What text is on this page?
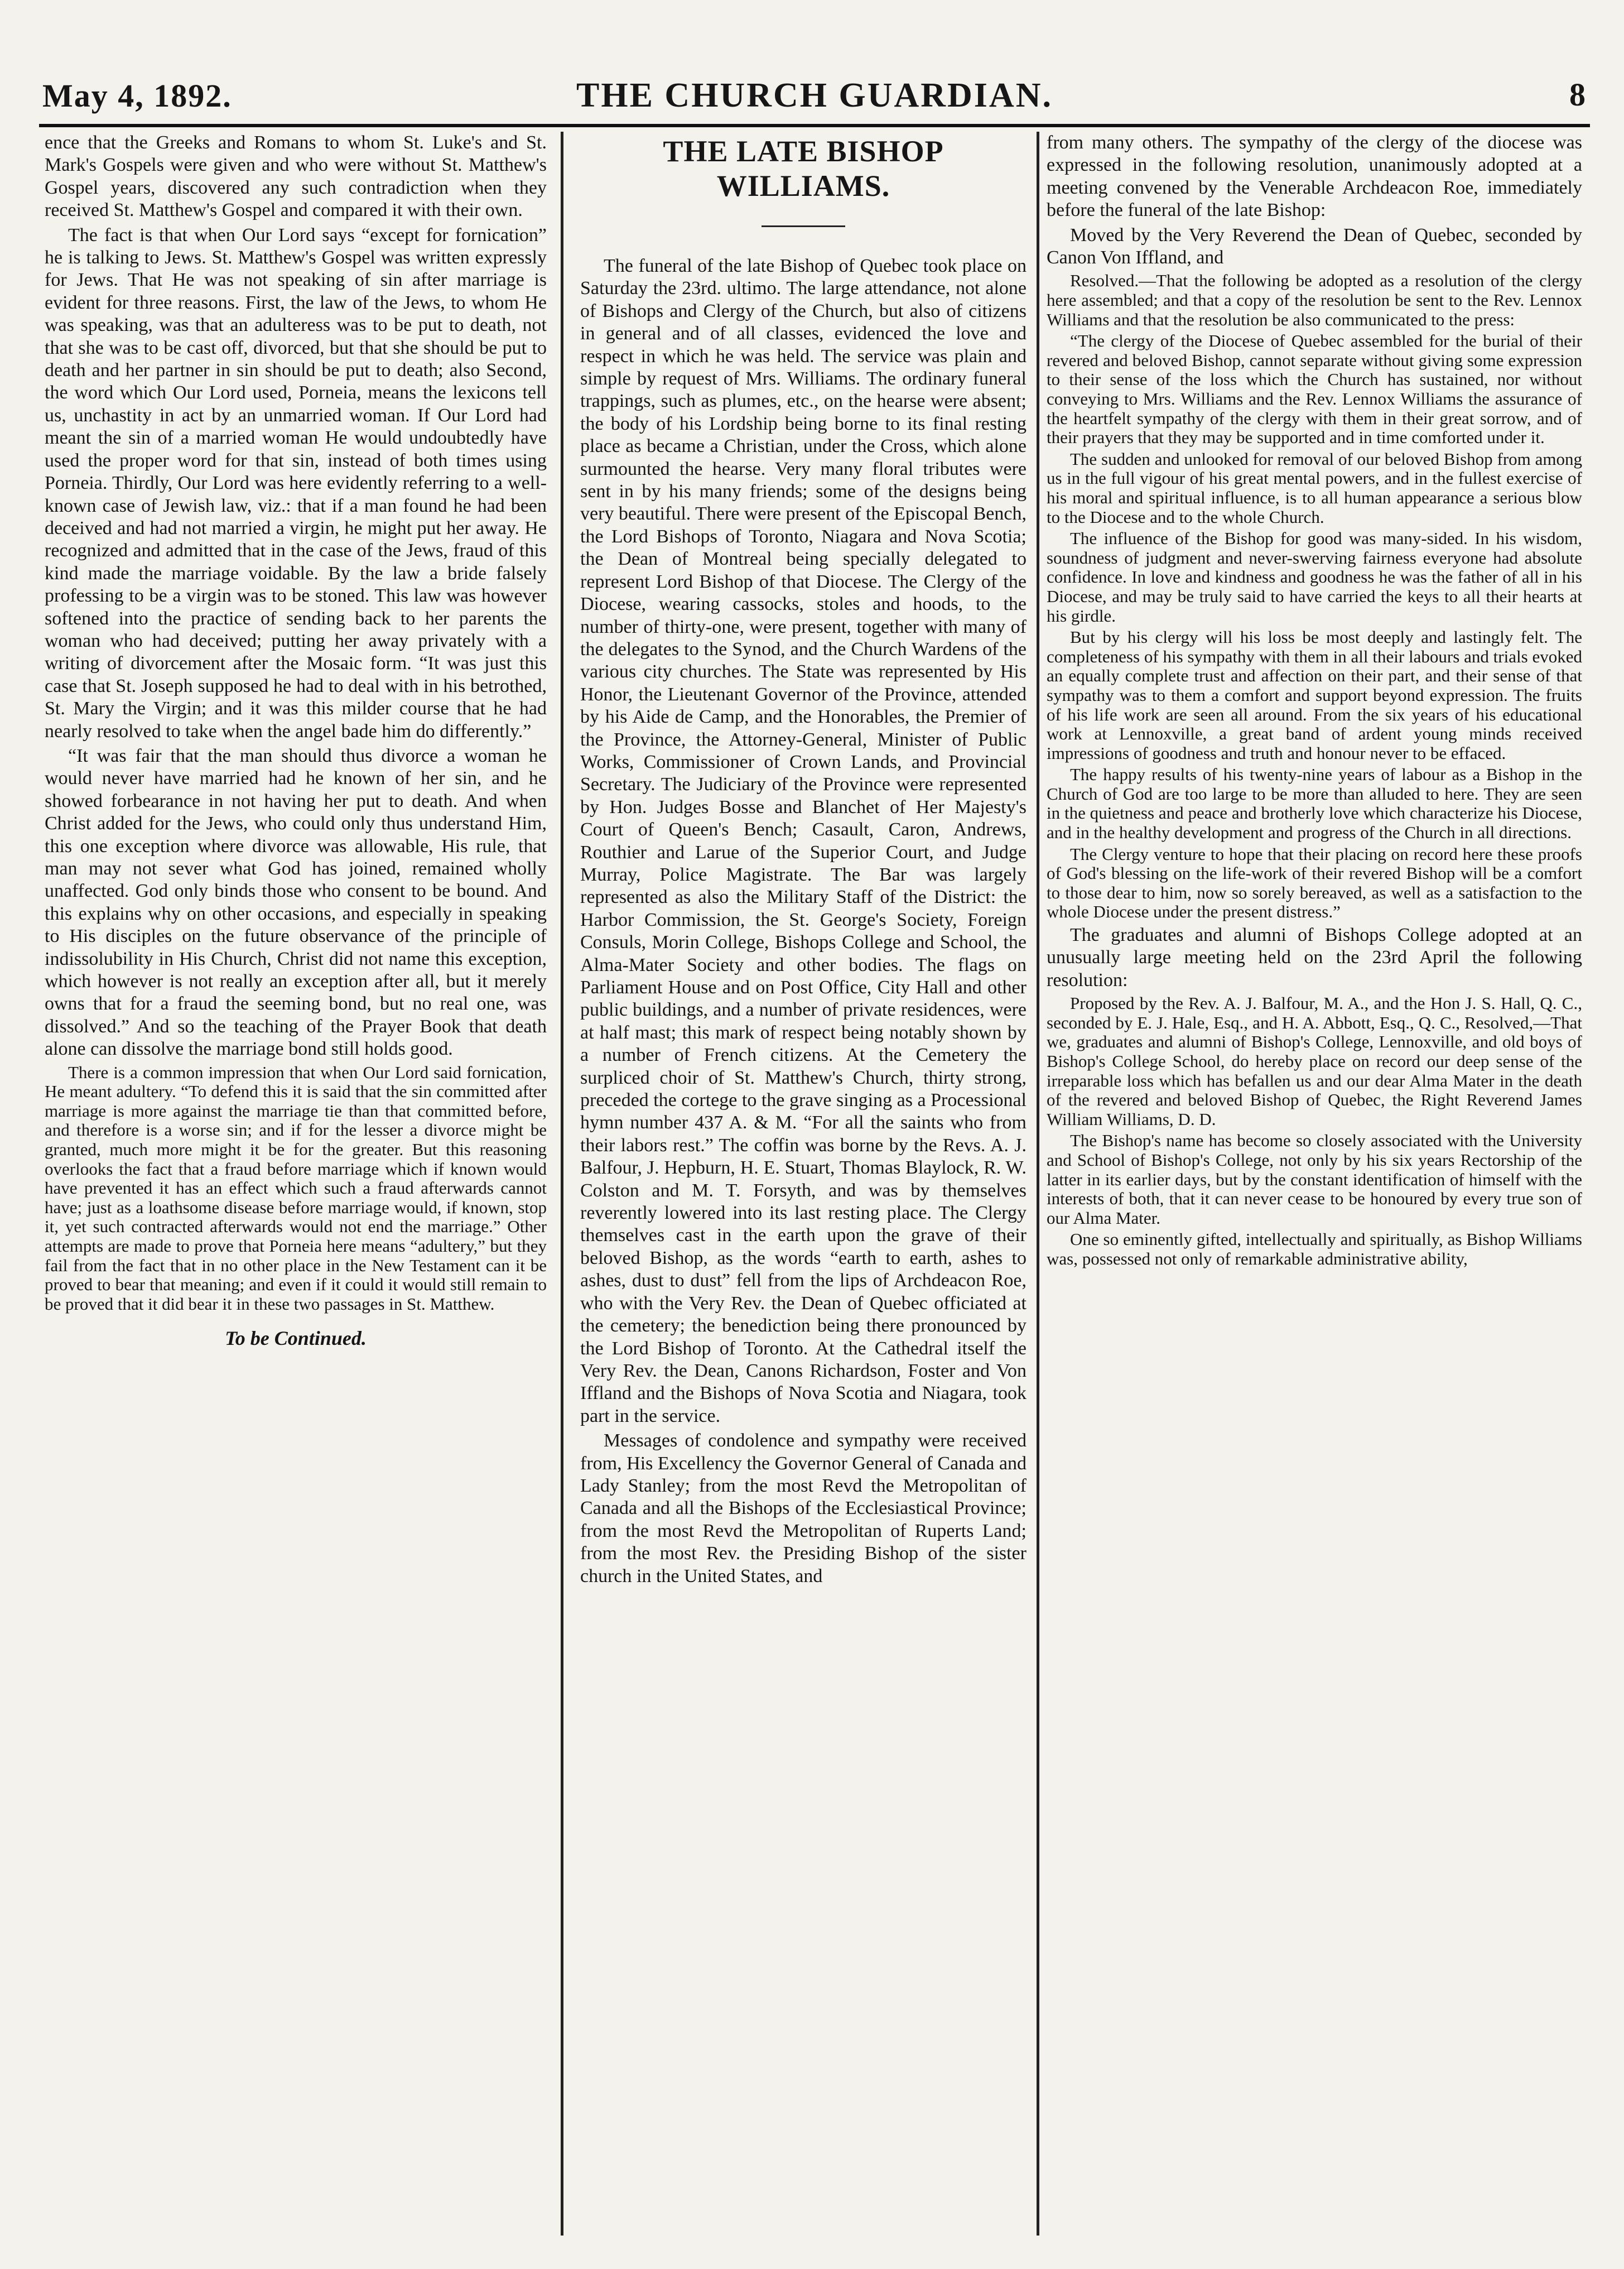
May 4, 1892.	THE CHURCH GUARDIAN.	8

ence that the Greeks and Romans to whom St. Luke's and St. Mark's Gospels were given and who were without St. Matthew's Gospel years, discovered any such contradiction when they received St. Matthew's Gospel and compared it with their own.

The fact is that when Our Lord says “except for fornication” he is talking to Jews. St. Matthew's Gospel was written expressly for Jews. That He was not speaking of sin after marriage is evident for three reasons. First, the law of the Jews, to whom He was speaking, was that an adulteress was to be put to death, not that she was to be cast off, divorced, but that she should be put to death and her partner in sin should be put to death; also Second, the word which Our Lord used, Porneia, means the lexicons tell us, unchastity in act by an unmarried woman. If Our Lord had meant the sin of a married woman He would undoubtedly have used the proper word for that sin, instead of both times using Porneia. Thirdly, Our Lord was here evidently referring to a well-known case of Jewish law, viz.: that if a man found he had been deceived and had not married a virgin, he might put her away. He recognized and admitted that in the case of the Jews, fraud of this kind made the marriage voidable. By the law a bride falsely professing to be a virgin was to be stoned. This law was however softened into the practice of sending back to her parents the woman who had deceived; putting her away privately with a writing of divorcement after the Mosaic form. “It was just this case that St. Joseph supposed he had to deal with in his betrothed, St. Mary the Virgin; and it was this milder course that he had nearly resolved to take when the angel bade him do differently.”

“It was fair that the man should thus divorce a woman he would never have married had he known of her sin, and he showed forbearance in not having her put to death. And when Christ added for the Jews, who could only thus understand Him, this one exception where divorce was allowable, His rule, that man may not sever what God has joined, remained wholly unaffected. God only binds those who consent to be bound. And this explains why on other occasions, and especially in speaking to His disciples on the future observance of the principle of indissolubility in His Church, Christ did not name this exception, which however is not really an exception after all, but it merely owns that for a fraud the seeming bond, but no real one, was dissolved.” And so the teaching of the Prayer Book that death alone can dissolve the marriage bond still holds good.

There is a common impression that when Our Lord said fornication, He meant adultery. “To defend this it is said that the sin committed after marriage is more against the marriage tie than that committed before, and therefore is a worse sin; and if for the lesser a divorce might be granted, much more might it be for the greater. But this reasoning overlooks the fact that a fraud before marriage which if known would have prevented it has an effect which such a fraud afterwards cannot have; just as a loathsome disease before marriage would, if known, stop it, yet such contracted afterwards would not end the marriage.” Other attempts are made to prove that Porneia here means “adultery,” but they fail from the fact that in no other place in the New Testament can it be proved to bear that meaning; and even if it could it would still remain to be proved that it did bear it in these two passages in St. Matthew.

To be Continued.
THE LATE BISHOP WILLIAMS.

The funeral of the late Bishop of Quebec took place on Saturday the 23rd. ultimo. The large attendance, not alone of Bishops and Clergy of the Church, but also of citizens in general and of all classes, evidenced the love and respect in which he was held. The service was plain and simple by request of Mrs. Williams. The ordinary funeral trappings, such as plumes, etc., on the hearse were absent; the body of his Lordship being borne to its final resting place as became a Christian, under the Cross, which alone surmounted the hearse. Very many floral tributes were sent in by his many friends; some of the designs being very beautiful. There were present of the Episcopal Bench, the Lord Bishops of Toronto, Niagara and Nova Scotia; the Dean of Montreal being specially delegated to represent Lord Bishop of that Diocese. The Clergy of the Diocese, wearing cassocks, stoles and hoods, to the number of thirty-one, were present, together with many of the delegates to the Synod, and the Church Wardens of the various city churches. The State was represented by His Honor, the Lieutenant Governor of the Province, attended by his Aide de Camp, and the Honorables, the Premier of the Province, the Attorney-General, Minister of Public Works, Commissioner of Crown Lands, and Provincial Secretary. The Judiciary of the Province were represented by Hon. Judges Bosse and Blanchet of Her Majesty's Court of Queen's Bench; Casault, Caron, Andrews, Routhier and Larue of the Superior Court, and Judge Murray, Police Magistrate. The Bar was largely represented as also the Military Staff of the District: the Harbor Commission, the St. George's Society, Foreign Consuls, Morin College, Bishops College and School, the Alma-Mater Society and other bodies. The flags on Parliament House and on Post Office, City Hall and other public buildings, and a number of private residences, were at half mast; this mark of respect being notably shown by a number of French citizens. At the Cemetery the surpliced choir of St. Matthew's Church, thirty strong, preceded the cortege to the grave singing as a Processional hymn number 437 A. & M. “For all the saints who from their labors rest.” The coffin was borne by the Revs. A. J. Balfour, J. Hepburn, H. E. Stuart, Thomas Blaylock, R. W. Colston and M. T. Forsyth, and was by themselves reverently lowered into its last resting place. The Clergy themselves cast in the earth upon the grave of their beloved Bishop, as the words “earth to earth, ashes to ashes, dust to dust” fell from the lips of Archdeacon Roe, who with the Very Rev. the Dean of Quebec officiated at the cemetery; the benediction being there pronounced by the Lord Bishop of Toronto. At the Cathedral itself the Very Rev. the Dean, Canons Richardson, Foster and Von Iffland and the Bishops of Nova Scotia and Niagara, took part in the service.

Messages of condolence and sympathy were received from, His Excellency the Governor General of Canada and Lady Stanley; from the most Revd the Metropolitan of Canada and all the Bishops of the Ecclesiastical Province; from the most Revd the Metropolitan of Ruperts Land; from the most Rev. the Presiding Bishop of the sister church in the United States, and

from many others. The sympathy of the clergy of the diocese was expressed in the following resolution, unanimously adopted at a meeting convened by the Venerable Archdeacon Roe, immediately before the funeral of the late Bishop:

Moved by the Very Reverend the Dean of Quebec, seconded by Canon Von Iffland, and

Resolved.—That the following be adopted as a resolution of the clergy here assembled; and that a copy of the resolution be sent to the Rev. Lennox Williams and that the resolution be also communicated to the press:

“The clergy of the Diocese of Quebec assembled for the burial of their revered and beloved Bishop, cannot separate without giving some expression to their sense of the loss which the Church has sustained, nor without conveying to Mrs. Williams and the Rev. Lennox Williams the assurance of the heartfelt sympathy of the clergy with them in their great sorrow, and of their prayers that they may be supported and in time comforted under it.

The sudden and unlooked for removal of our beloved Bishop from among us in the full vigour of his great mental powers, and in the fullest exercise of his moral and spiritual influence, is to all human appearance a serious blow to the Diocese and to the whole Church.

The influence of the Bishop for good was many-sided. In his wisdom, soundness of judgment and never-swerving fairness everyone had absolute confidence. In love and kindness and goodness he was the father of all in his Diocese, and may be truly said to have carried the keys to all their hearts at his girdle.

But by his clergy will his loss be most deeply and lastingly felt. The completeness of his sympathy with them in all their labours and trials evoked an equally complete trust and affection on their part, and their sense of that sympathy was to them a comfort and support beyond expression. The fruits of his life work are seen all around. From the six years of his educational work at Lennoxville, a great band of ardent young minds received impressions of goodness and truth and honour never to be effaced.

The happy results of his twenty-nine years of labour as a Bishop in the Church of God are too large to be more than alluded to here. They are seen in the quietness and peace and brotherly love which characterize his Diocese, and in the healthy development and progress of the Church in all directions.

The Clergy venture to hope that their placing on record here these proofs of God's blessing on the life-work of their revered Bishop will be a comfort to those dear to him, now so sorely bereaved, as well as a satisfaction to the whole Diocese under the present distress.”

The graduates and alumni of Bishops College adopted at an unusually large meeting held on the 23rd April the following resolution:

Proposed by the Rev. A. J. Balfour, M. A., and the Hon J. S. Hall, Q. C., seconded by E. J. Hale, Esq., and H. A. Abbott, Esq., Q. C., Resolved,—That we, graduates and alumni of Bishop's College, Lennoxville, and old boys of Bishop's College School, do hereby place on record our deep sense of the irreparable loss which has befallen us and our dear Alma Mater in the death of the revered and beloved Bishop of Quebec, the Right Reverend James William Williams, D. D.

The Bishop's name has become so closely associated with the University and School of Bishop's College, not only by his six years Rectorship of the latter in its earlier days, but by the constant identification of himself with the interests of both, that it can never cease to be honoured by every true son of our Alma Mater.

One so eminently gifted, intellectually and spiritually, as Bishop Williams was, possessed not only of remarkable administrative ability,
